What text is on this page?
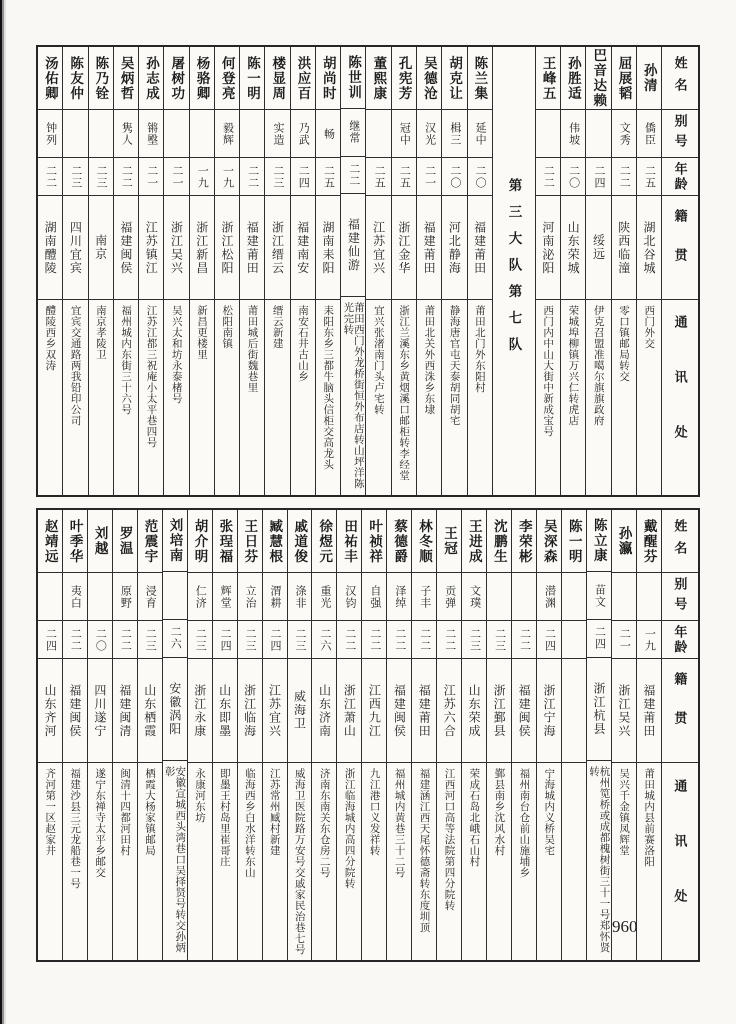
汤佑卿
钟列
二二
湖南醴陵
醴陵西乡双涛
陈友仲
二三
四川宜宾
宜宾交通路两我铅印公司
陈乃铨
二三
南京
南京孝陵卫
吴炳哲
隽人
二二
福建闽侯
福州城内东街三十六号
孙志成
锵壂
二一
江苏镇江
江苏江都三祝庵小太平巷四号
屠树功
二一
浙江吴兴
吴兴太和坊永泰楮号
杨骆卿
一九
浙江新昌
新昌更楼里
何登亮
毅辉
一九
浙江松阳
松阳南镇
陈一明
二二
福建莆田
莆田城后街魏巷里
楼显周
实造
二三
浙江缙云
缙云新建
洪应百
乃武
二四
福建南安
南安石井古山乡
胡尚时
畅
二五
湖南耒阳
耒阳东乡三都牛脑头信柜交高龙头
陈世训
继常
二二
福建仙游
莆田西门外龙桥街恒外布店转山坪洋陈光完转
董熙康
二五
江苏宜兴
宜兴张渚南门头卢宅转
孔宪芳
冠中
二五
浙江金华
浙江兰溪东乡黄烟溪口邮柜转李经堂
吴德沧
汉光
二一
福建莆田
莆田北关外西洙乡东埭
胡克让
楫三
二〇
河北静海
静海唐官屯天泰胡同胡宅
陈兰集
延中
二〇
福建莆田
莆田北门外东阳村 第三大队第七队
王峰五
二二
河南泌阳
西门内中山大街中新成宝号
孙胜适
伟坡
二〇
山东荣城
荣城埠柳镇万兴仁转虎店
巴音达赖
二四
绥远
伊克召盟准噶尔旗旗政府
屈展韬
文秀
二二
陕西临潼
零口镇邮局转交
孙清
僑臣
二五
湖北谷城
西门外交
姓名
别号
年龄
籍贯
通讯处
赵靖远
二四
山东齐河
齐河第一区赵家井
叶季华
夷白
二二
福建闽侯
福建沙县三元龙船巷一号
刘越
二〇
四川遂宁
遂宁东禅寺太平乡邮交
罗温
原野
二二
福建闽清
闽清十四都河田村
范震宇
浸育
二三
山东栖霞
栖霞大杨家镇邮局
刘培南
二六
安徽涡阳
安徽宣城西头湾巷口吴择贤号转交孙炳彰
胡介明
仁济
二三
浙江永康
永康河东坊
张珵福
辉堂
二四
山东即墨
即墨王村岛里崔哥庄
王日芬
立治
二三
浙江临海
临海西乡白水洋转东山
臧慧根
渭耕
二四
江苏宜兴
江苏常州臧村新建
戚道俊
涤非
二三
威海卫
威海卫医院路万安号交戚家民治巷七号
徐煜元
重光
二六
山东济南
济南东南关东仓房二号
田祐丰
汉钧
二二
浙江萧山
浙江临海城内高四分院转
叶祯祥
自强
二二
江西九江
九江港口义发祥转
蔡德爵
泽绰
二二
福建闽侯
福州城内黄巷三十二号
林冬顺
子丰
二二
福建莆田
福建涵江西天尾怀德斋转东度圳顶
王冠
贡弹
二二
江苏六合
江西河口高等法院第四分院转
王进成
文璞
二三
山东荣成
荣成石岛北峨石山村
沈鹏生
二三
浙江鄞县
鄞县南乡沈风水村
李荣彬
二二
福建闽侯
福州南台仓前山施埔乡
吴深森
潜渊
二四
浙江宁海
宁海城内义桥吴宅
陈一明 陈立康
苗文
二四
浙江杭县
杭州笕桥或成都槐树街三十一号郑怀贤转
孙瀛
二一
浙江吴兴
吴兴千金镇凤辉堂
戴醒芬
一九
福建莆田
莆田城内县前赛洛阳
姓名
别号
年龄
籍贯
通讯处
960
